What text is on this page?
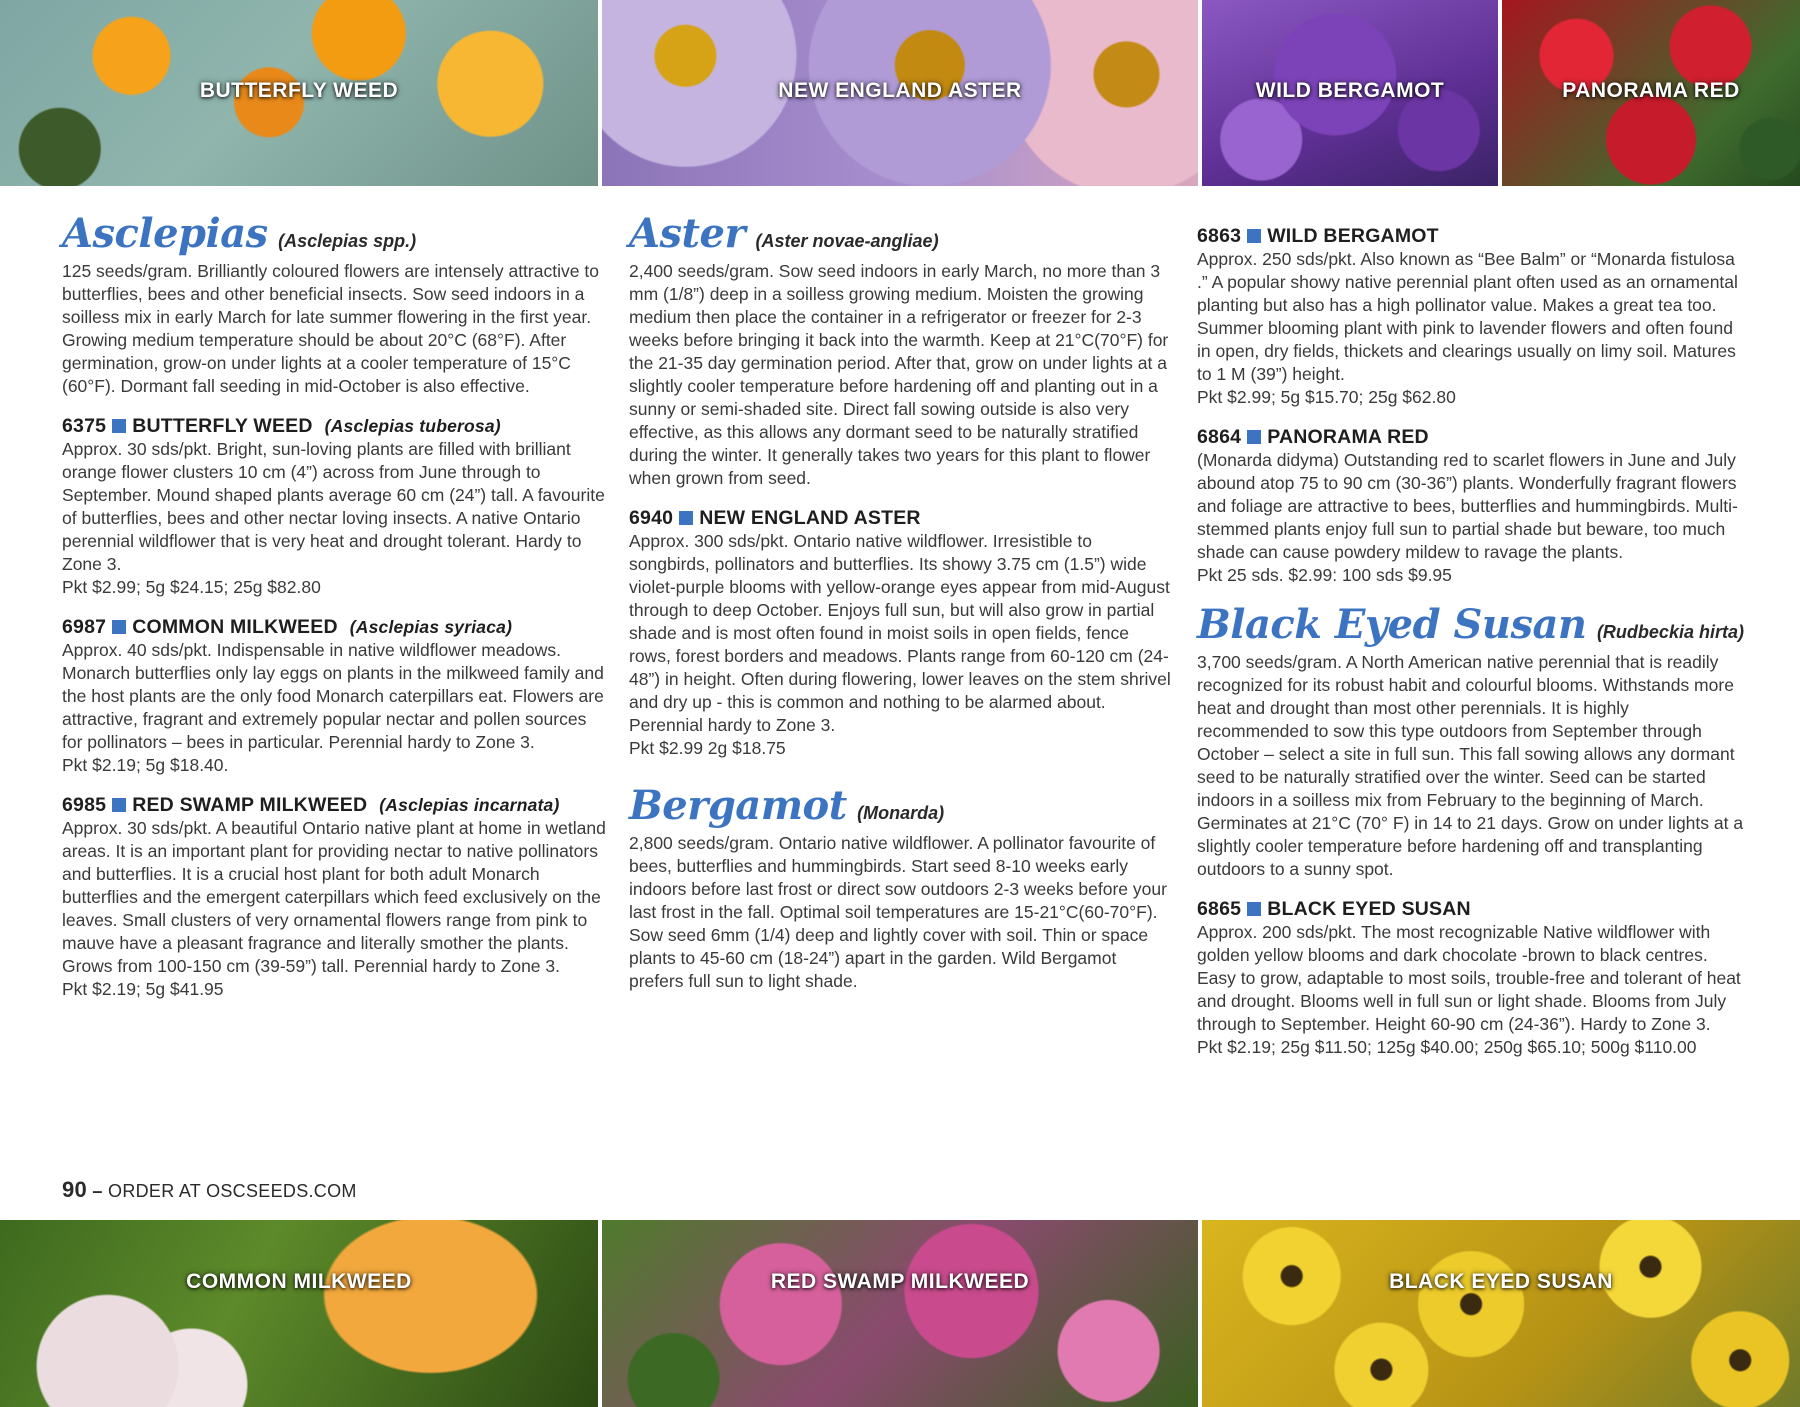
BUTTERFLY WEED	NEW ENGLAND ASTER	WILD BERGAMOT	PANORAMA RED
Asclepias (Asclepias spp.)

125 seeds/gram. Brilliantly coloured flowers are intensely attractive to butterflies, bees and other beneficial insects. Sow seed indoors in a soilless mix in early March for late summer flowering in the first year. Growing medium temperature should be about 20°C (68°F). After germination, grow-on under lights at a cooler temperature of 15°C (60°F). Dormant fall seeding in mid-October is also effective.

6375 BUTTERFLY WEED (Asclepias tuberosa)

Approx. 30 sds/pkt. Bright, sun-loving plants are filled with brilliant orange flower clusters 10 cm (4”) across from June through to September. Mound shaped plants average 60 cm (24”) tall. A favourite of butterflies, bees and other nectar loving insects. A native Ontario perennial wildflower that is very heat and drought tolerant. Hardy to Zone 3.

Pkt $2.99; 5g $24.15; 25g $82.80
6987 COMMON MILKWEED (Asclepias syriaca)

Approx. 40 sds/pkt. Indispensable in native wildflower meadows. Monarch butterflies only lay eggs on plants in the milkweed family and the host plants are the only food Monarch caterpillars eat. Flowers are attractive, fragrant and extremely popular nectar and pollen sources for pollinators – bees in particular. Perennial hardy to Zone 3.

Pkt $2.19; 5g $18.40.
6985 RED SWAMP MILKWEED (Asclepias incarnata)

Approx. 30 sds/pkt. A beautiful Ontario native plant at home in wetland areas. It is an important plant for providing nectar to native pollinators and butterflies. It is a crucial host plant for both adult Monarch butterflies and the emergent caterpillars which feed exclusively on the leaves. Small clusters of very ornamental flowers range from pink to mauve have a pleasant fragrance and literally smother the plants. Grows from 100-150 cm (39-59”) tall. Perennial hardy to Zone 3.

Pkt $2.19; 5g $41.95
Aster (Aster novae-angliae)

2,400 seeds/gram. Sow seed indoors in early March, no more than 3 mm (1/8”) deep in a soilless growing medium. Moisten the growing medium then place the container in a refrigerator or freezer for 2-3 weeks before bringing it back into the warmth. Keep at 21°C(70°F) for the 21-35 day germination period. After that, grow on under lights at a slightly cooler temperature before hardening off and planting out in a sunny or semi-shaded site. Direct fall sowing outside is also very effective, as this allows any dormant seed to be naturally stratified during the winter. It generally takes two years for this plant to flower when grown from seed.

6940 NEW ENGLAND ASTER

Approx. 300 sds/pkt. Ontario native wildflower. Irresistible to songbirds, pollinators and butterflies. Its showy 3.75 cm (1.5”) wide violet-purple blooms with yellow-orange eyes appear from mid-August through to deep October. Enjoys full sun, but will also grow in partial shade and is most often found in moist soils in open fields, fence rows, forest borders and meadows. Plants range from 60-120 cm (24-48”) in height. Often during flowering, lower leaves on the stem shrivel and dry up - this is common and nothing to be alarmed about. Perennial hardy to Zone 3.

Pkt $2.99 2g $18.75
Bergamot (Monarda)

2,800 seeds/gram. Ontario native wildflower. A pollinator favourite of bees, butterflies and hummingbirds. Start seed 8-10 weeks early indoors before last frost or direct sow outdoors 2-3 weeks before your last frost in the fall. Optimal soil temperatures are 15-21°C(60-70°F). Sow seed 6mm (1/4) deep and lightly cover with soil. Thin or space plants to 45-60 cm (18-24”) apart in the garden. Wild Bergamot prefers full sun to light shade.

6863 WILD BERGAMOT

Approx. 250 sds/pkt. Also known as “Bee Balm” or “Monarda fistulosa .” A popular showy native perennial plant often used as an ornamental planting but also has a high pollinator value. Makes a great tea too. Summer blooming plant with pink to lavender flowers and often found in open, dry fields, thickets and clearings usually on limy soil. Matures to 1 M (39”) height.

Pkt $2.99; 5g $15.70; 25g $62.80
6864 PANORAMA RED

(Monarda didyma) Outstanding red to scarlet flowers in June and July abound atop 75 to 90 cm (30-36”) plants. Wonderfully fragrant flowers and foliage are attractive to bees, butterflies and hummingbirds. Multi-stemmed plants enjoy full sun to partial shade but beware, too much shade can cause powdery mildew to ravage the plants.

Pkt 25 sds. $2.99: 100 sds $9.95
Black Eyed Susan (Rudbeckia hirta)

3,700 seeds/gram. A North American native perennial that is readily recognized for its robust habit and colourful blooms. Withstands more heat and drought than most other perennials. It is highly recommended to sow this type outdoors from September through October – select a site in full sun. This fall sowing allows any dormant seed to be naturally stratified over the winter. Seed can be started indoors in a soilless mix from February to the beginning of March. Germinates at 21°C (70° F) in 14 to 21 days. Grow on under lights at a slightly cooler temperature before hardening off and transplanting outdoors to a sunny spot.

6865 BLACK EYED SUSAN

Approx. 200 sds/pkt. The most recognizable Native wildflower with golden yellow blooms and dark chocolate -brown to black centres. Easy to grow, adaptable to most soils, trouble-free and tolerant of heat and drought. Blooms well in full sun or light shade. Blooms from July through to September. Height 60-90 cm (24-36”). Hardy to Zone 3.

Pkt $2.19; 25g $11.50; 125g $40.00; 250g $65.10; 500g $110.00
90 – ORDER AT OSCSEEDS.COM
COMMON MILKWEED	RED SWAMP MILKWEED	BLACK EYED SUSAN
